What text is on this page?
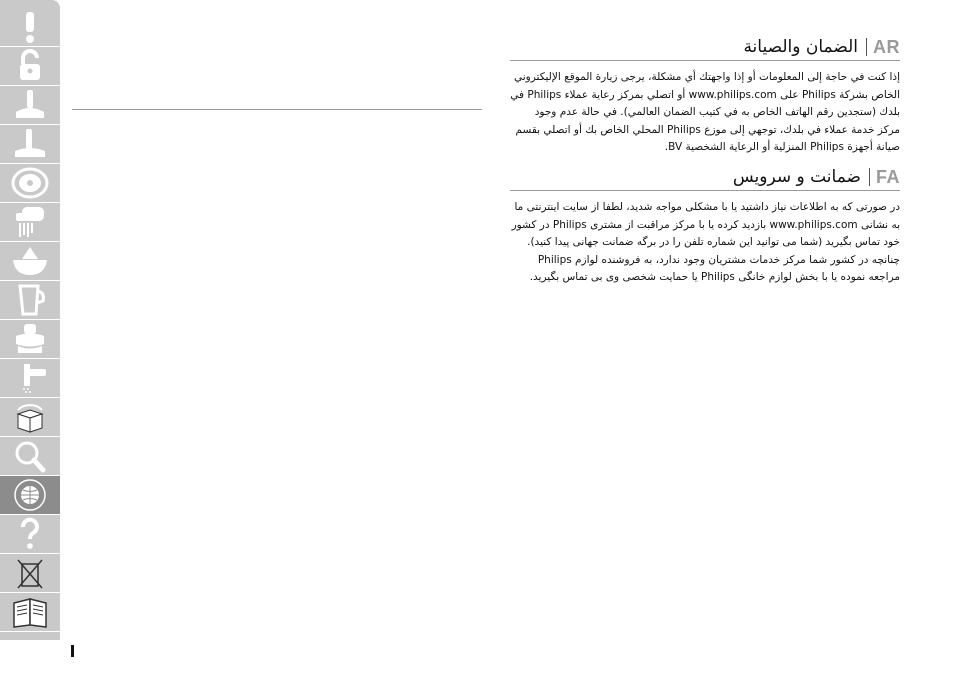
الضمان والصيانة AR

إذا كنت في حاجة إلى المعلومات أو إذا واجهتك أي مشكلة، يرجى زيارة الموقع الإليكتروني الخاص بشركة Philips على www.philips.com أو اتصلي بمركز رعاية عملاء Philips في بلدك (ستجدين رقم الهاتف الخاص به في كتيب الضمان العالمي). في حالة عدم وجود مركز خدمة عملاء في بلدك، توجهي إلى موزع Philips المحلي الخاص بك أو اتصلي بقسم صيانة أجهزة Philips المنزلية أو الرعاية الشخصية BV.

ضمانت و سرويس FA

در صورتی كه به اطلاعات نياز داشتيد يا با مشكلی مواجه شديد، لطفا از سايت اينترنتی ما به نشانی www.philips.com بازديد كرده يا با مركز مراقبت از مشتری Philips در كشور خود تماس بگيريد (شما می توانيد اين شماره تلفن را در برگه ضمانت جهانی پيدا كنيد).

چنانچه در كشور شما مركز خدمات مشتريان وجود ندارد، به فروشنده لوازم Philips مراجعه نموده يا با بخش لوازم خانگی Philips يا حمايت شخصی وی بی تماس بگيريد.
